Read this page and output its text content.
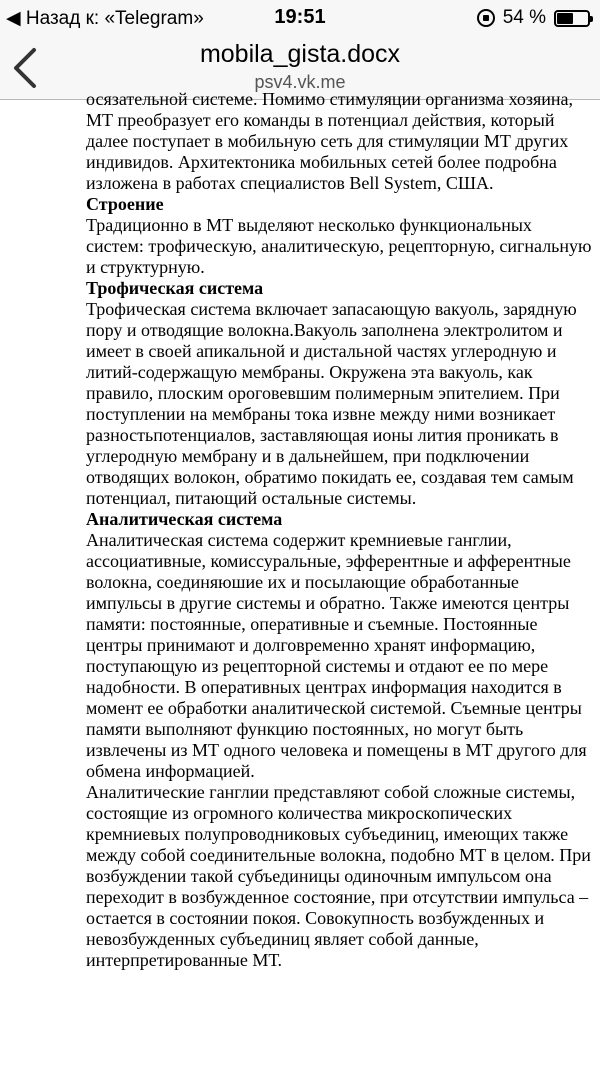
◀ Назад к: «Telegram»	19:51	54 %
mobila_gista.docx
psv4.vk.me

осязательной системе. Помимо стимуляции организма хозяина, МТ преобразует его команды в потенциал действия, который далее поступает в мобильную сеть для стимуляции МТ других индивидов. Архитектоника мобильных сетей более подробна изложена в работах специалистов Bell System, США.

Строение

Традиционно в МТ выделяют несколько функциональных систем: трофическую, аналитическую, рецепторную, сигнальную и структурную.

Трофическая система

Трофическая система включает запасающую вакуоль, зарядную пору и отводящие волокна.Вакуоль заполнена электролитом и имеет в своей апикальной и дистальной частях углеродную и литий-содержащую мембраны. Окружена эта вакуоль, как правило, плоским ороговевшим полимерным эпителием. При поступлении на мембраны тока извне между ними возникает разностьпотенциалов, заставляющая ионы лития проникать в углеродную мембрану и в дальнейшем, при подключении отводящих волокон, обратимо покидать ее, создавая тем самым потенциал, питающий остальные системы.

Аналитическая система

Аналитическая система содержит кремниевые ганглии, ассоциативные, комиссуральные, эфферентные и афферентные волокна, соединяюшие их и посылающие обработанные импульсы в другие системы и обратно. Также имеются центры памяти: постоянные, оперативные и съемные. Постоянные центры принимают и долговременно хранят информацию, поступающую из рецепторной системы и отдают ее по мере надобности. В оперативных центрах информация находится в момент ее обработки аналитической системой. Съемные центры памяти выполняют функцию постоянных, но могут быть извлечены из МТ одного человека и помещены в МТ другого для обмена информацией.

Аналитические ганглии представляют собой сложные системы, состоящие из огромного количества микроскопических кремниевых полупроводниковых субъединиц, имеющих также между собой соединительные волокна, подобно МТ в целом. При возбуждении такой субъединицы одиночным импульсом она переходит в возбужденное состояние, при отсутствии импульса – остается в состоянии покоя. Совокупность возбужденных и невозбужденных субъединиц являет собой данные, интерпретированные МТ.
